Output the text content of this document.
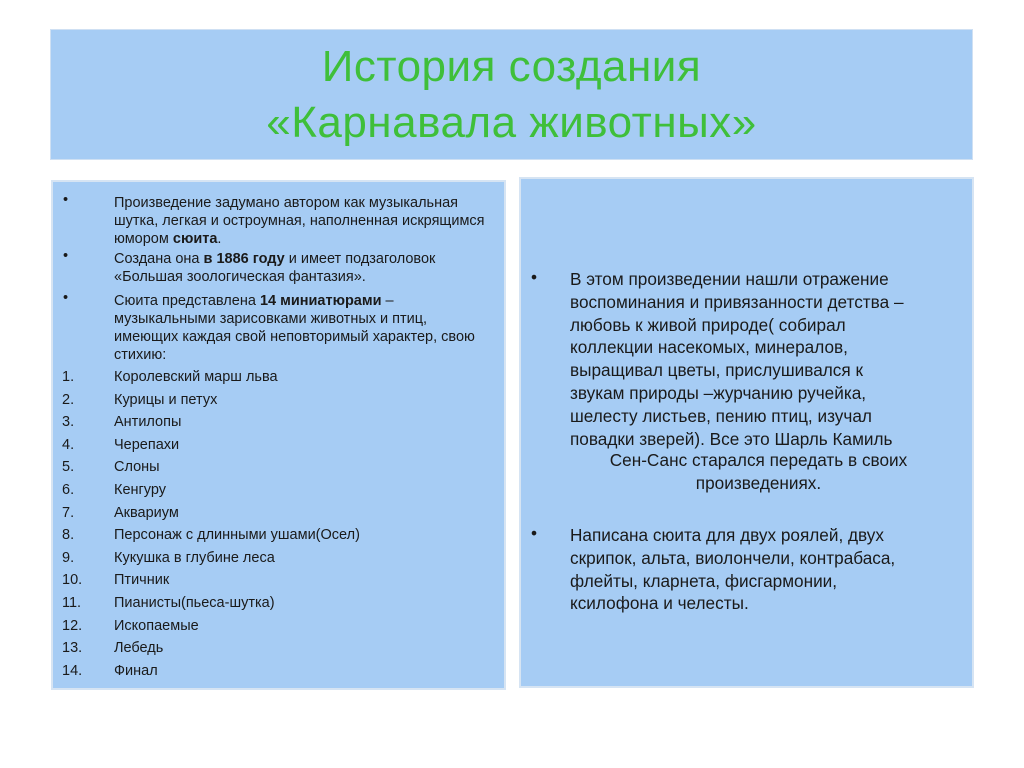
История создания
«Карнавала животных»
•	Произведение задумано автором как музыкальная шутка, легкая и остроумная, наполненная искрящимся юмором сюита.
•	Создана она в 1886 году и имеет подзаголовок «Большая зоологическая фантазия».
•	Сюита представлена 14 миниатюрами – музыкальными зарисовками животных и птиц, имеющих каждая свой неповторимый характер, свою стихию:
1.	Королевский марш льва
2.	Курицы и петух
3.	Антилопы
4.	Черепахи
5.	Слоны
6.	Кенгуру
7.	Аквариум
8.	Персонаж с длинными ушами(Осел)
9.	Кукушка в глубине леса
10. Птичник
11. Пианисты(пьеса-шутка)
12. Ископаемые
13. Лебедь
14. Финал
• В этом произведении нашли отражение
воспоминания и привязанности детства –
любовь к живой природе( собирал
коллекции насекомых, минералов,
выращивал цветы, прислушивался к
звукам природы –журчанию ручейка,
шелесту листьев, пению птиц, изучал
повадки зверей). Все это Шарль Камиль
Сен-Санс старался передать в своих
произведениях.
• Написана сюита для двух роялей, двух
скрипок, альта, виолончели, контрабаса,
флейты, кларнета, фисгармонии,
ксилофона и челесты.
